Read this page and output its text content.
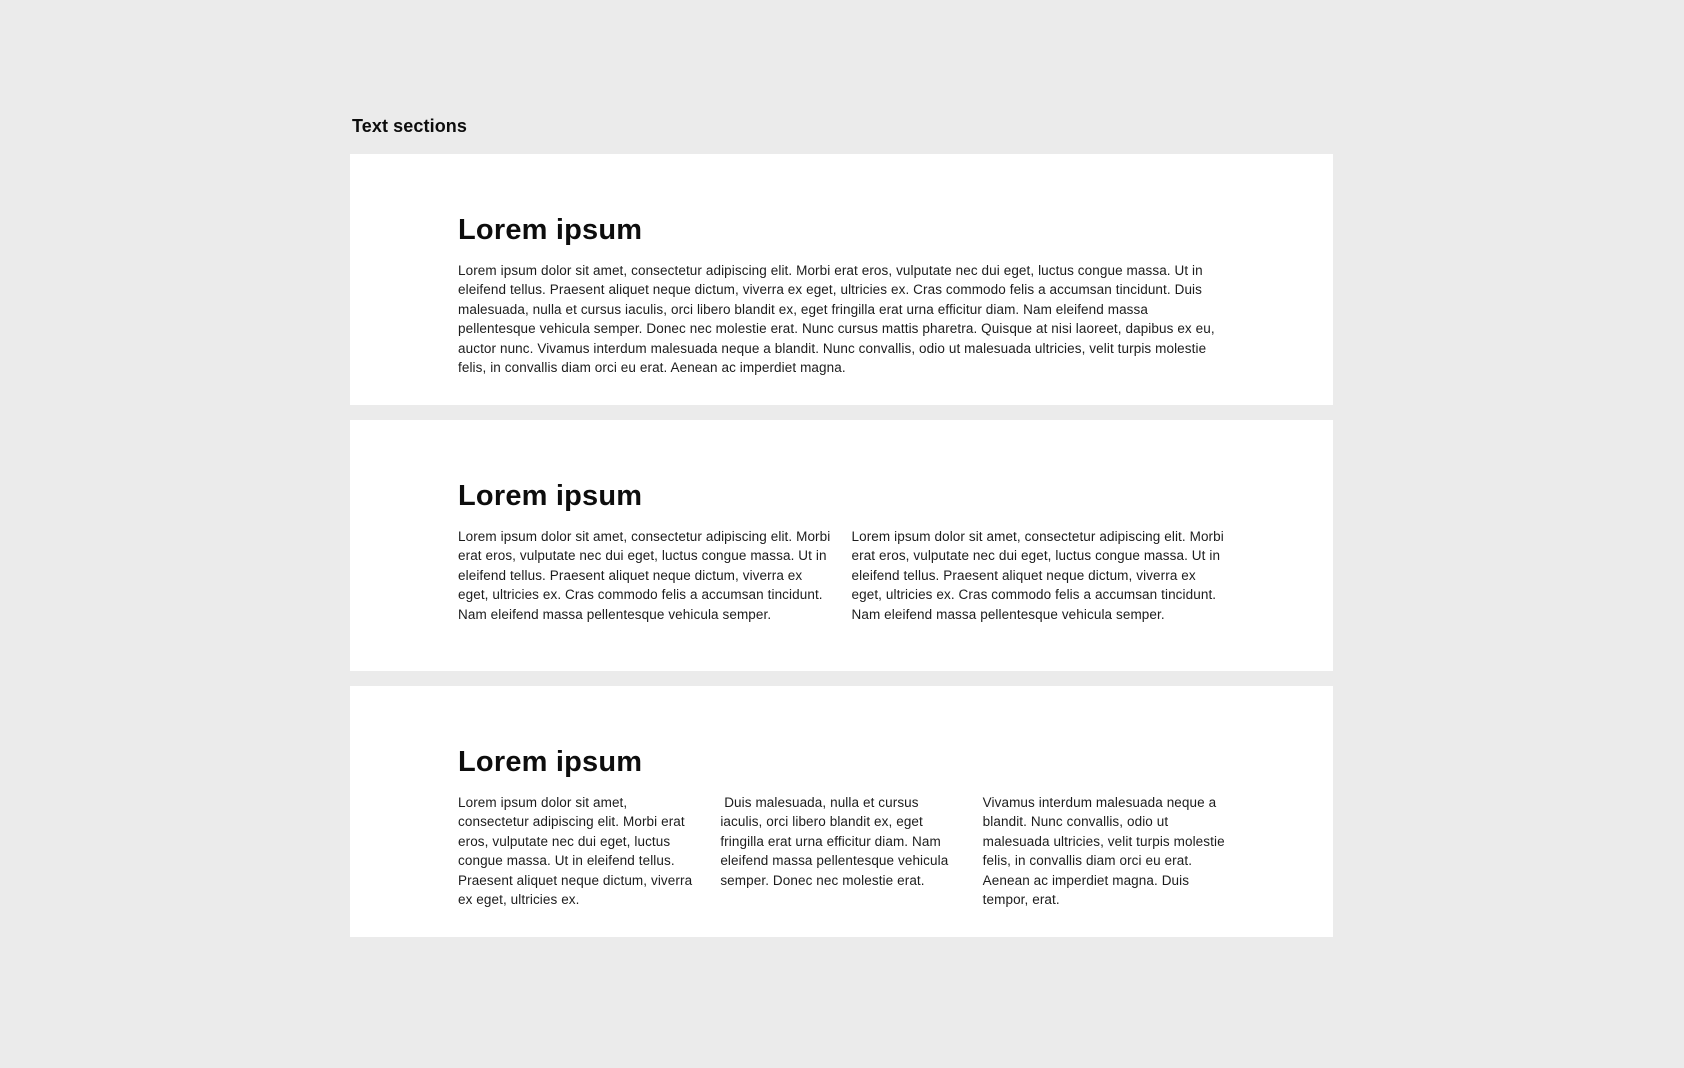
Text sections
Lorem ipsum

Lorem ipsum dolor sit amet, consectetur adipiscing elit. Morbi erat eros, vulputate nec dui eget, luctus congue massa. Ut in eleifend tellus. Praesent aliquet neque dictum, viverra ex eget, ultricies ex. Cras commodo felis a accumsan tincidunt. Duis malesuada, nulla et cursus iaculis, orci libero blandit ex, eget fringilla erat urna efficitur diam. Nam eleifend massa pellentesque vehicula semper. Donec nec molestie erat. Nunc cursus mattis pharetra. Quisque at nisi laoreet, dapibus ex eu, auctor nunc. Vivamus interdum malesuada neque a blandit. Nunc convallis, odio ut malesuada ultricies, velit turpis molestie felis, in convallis diam orci eu erat. Aenean ac imperdiet magna.

Lorem ipsum

Lorem ipsum dolor sit amet, consectetur adipiscing elit. Morbi erat eros, vulputate nec dui eget, luctus congue massa. Ut in eleifend tellus. Praesent aliquet neque dictum, viverra ex eget, ultricies ex. Cras commodo felis a accumsan tincidunt. Nam eleifend massa pellentesque vehicula semper.

Lorem ipsum dolor sit amet, consectetur adipiscing elit. Morbi erat eros, vulputate nec dui eget, luctus congue massa. Ut in eleifend tellus. Praesent aliquet neque dictum, viverra ex eget, ultricies ex. Cras commodo felis a accumsan tincidunt. Nam eleifend massa pellentesque vehicula semper.

Lorem ipsum

Lorem ipsum dolor sit amet, consectetur adipiscing elit. Morbi erat eros, vulputate nec dui eget, luctus congue massa. Ut in eleifend tellus. Praesent aliquet neque dictum, viverra ex eget, ultricies ex.

Duis malesuada, nulla et cursus iaculis, orci libero blandit ex, eget fringilla erat urna efficitur diam. Nam eleifend massa pellentesque vehicula semper. Donec nec molestie erat.

Vivamus interdum malesuada neque a blandit. Nunc convallis, odio ut malesuada ultricies, velit turpis molestie felis, in convallis diam orci eu erat. Aenean ac imperdiet magna. Duis tempor, erat.
